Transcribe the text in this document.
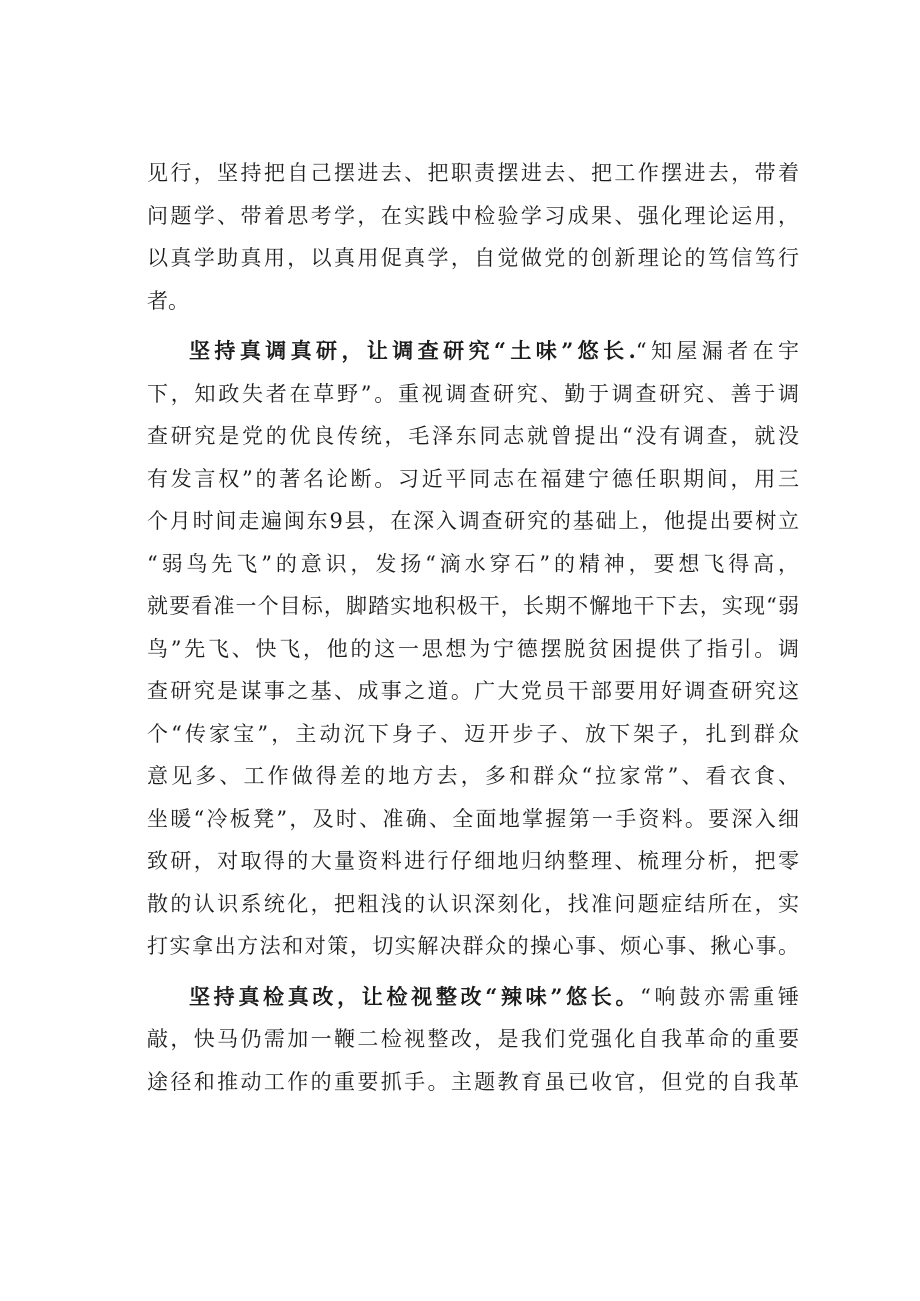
见行，坚持把自己摆进去、把职责摆进去、把工作摆进去，带着
问题学、带着思考学，在实践中检验学习成果、强化理论运用，
以真学助真用，以真用促真学，自觉做党的创新理论的笃信笃行
者。
坚持真调真研，让调查研究“土味”悠长.“知屋漏者在宇
下，知政失者在草野”。重视调查研究、勤于调查研究、善于调
查研究是党的优良传统，毛泽东同志就曾提出“没有调查，就没
有发言权”的著名论断。习近平同志在福建宁德任职期间，用三
个月时间走遍闽东9县，在深入调查研究的基础上，他提出要树立
“弱鸟先飞”的意识，发扬“滴水穿石”的精神，要想飞得高，
就要看准一个目标，脚踏实地积极干，长期不懈地干下去，实现“弱
鸟”先飞、快飞，他的这一思想为宁德摆脱贫困提供了指引。调
查研究是谋事之基、成事之道。广大党员干部要用好调查研究这
个“传家宝”，主动沉下身子、迈开步子、放下架子，扎到群众
意见多、工作做得差的地方去，多和群众“拉家常”、看衣食、
坐暖“冷板凳”，及时、准确、全面地掌握第一手资料。要深入细
致研，对取得的大量资料进行仔细地归纳整理、梳理分析，把零
散的认识系统化，把粗浅的认识深刻化，找准问题症结所在，实
打实拿出方法和对策，切实解决群众的操心事、烦心事、揪心事。
坚持真检真改，让检视整改“辣味”悠长。“响鼓亦需重锤
敲，快马仍需加一鞭二检视整改，是我们党强化自我革命的重要
途径和推动工作的重要抓手。主题教育虽已收官，但党的自我革
